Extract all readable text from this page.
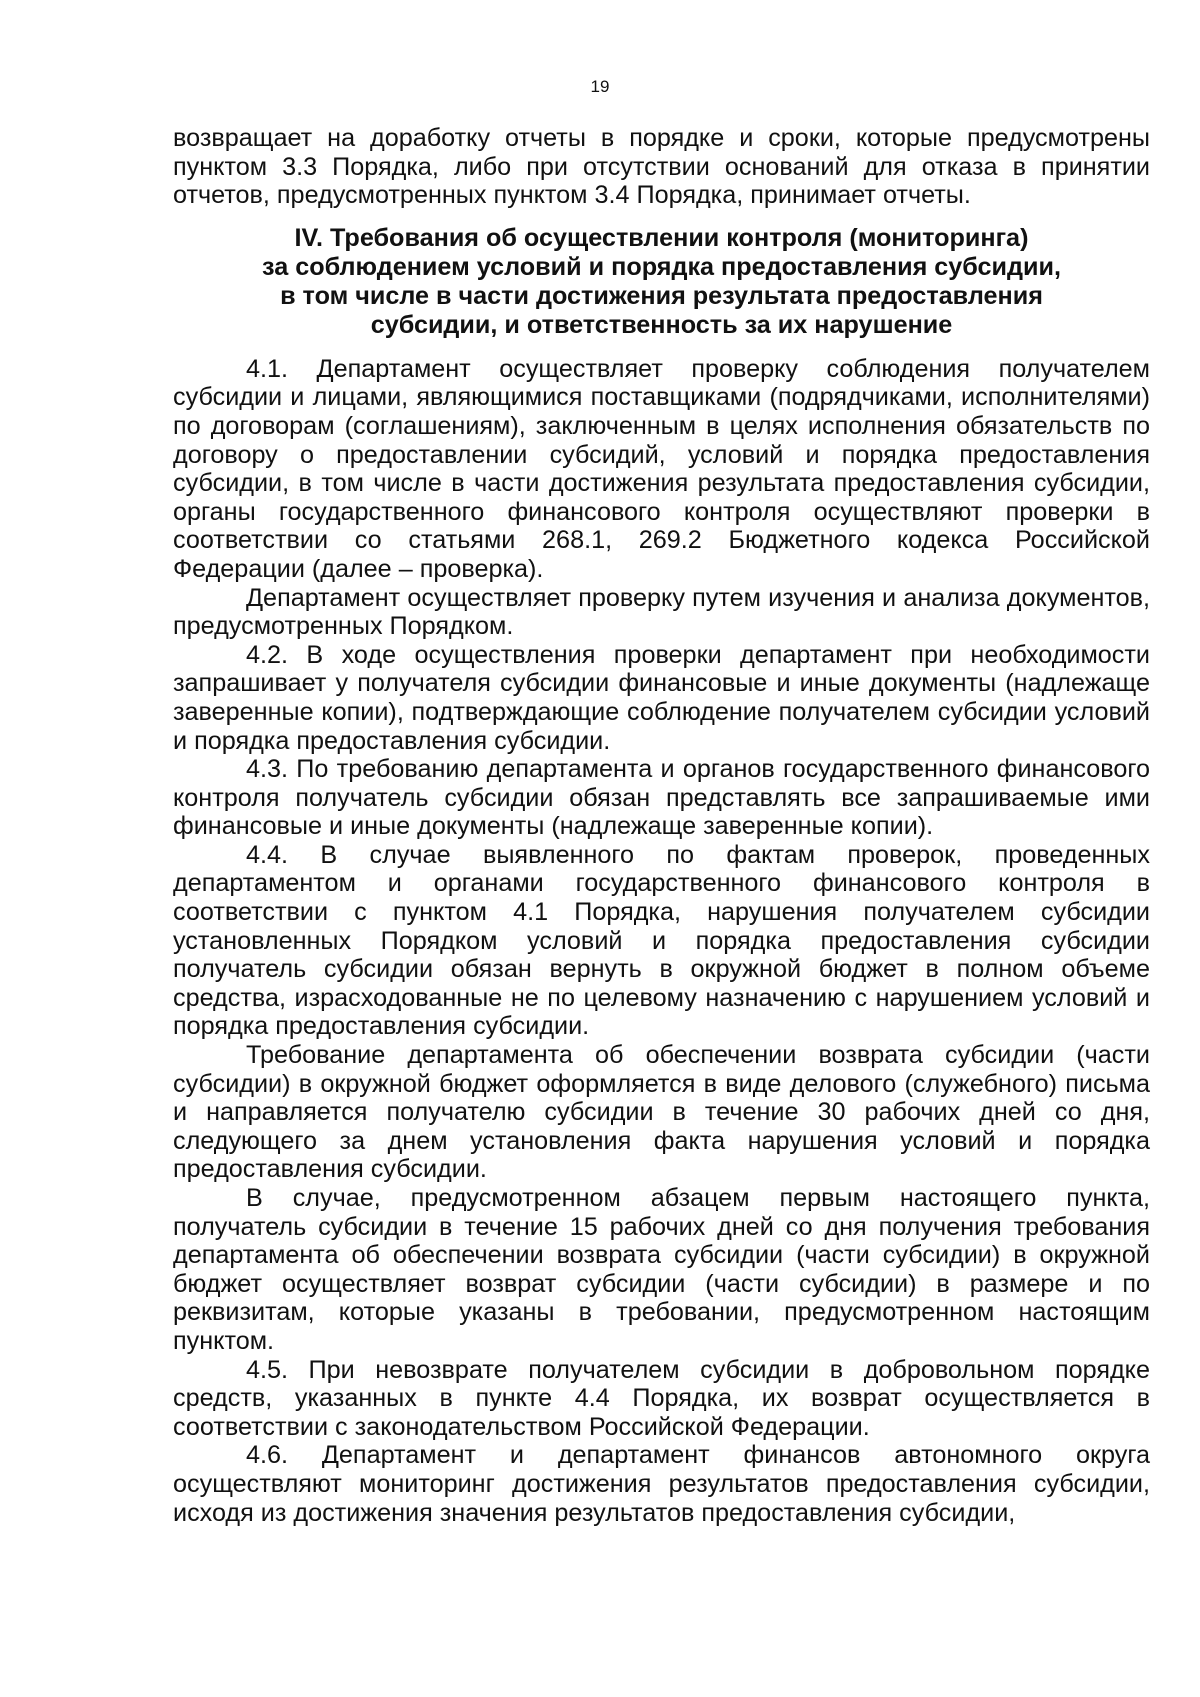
19

возвращает на доработку отчеты в порядке и сроки, которые предусмотрены пунктом 3.3 Порядка, либо при отсутствии оснований для отказа в принятии отчетов, предусмотренных пунктом 3.4 Порядка, принимает отчеты.

IV. Требования об осуществлении контроля (мониторинга)
за соблюдением условий и порядка предоставления субсидии,
в том числе в части достижения результата предоставления
субсидии, и ответственность за их нарушение

4.1. Департамент осуществляет проверку соблюдения получателем субсидии и лицами, являющимися поставщиками (подрядчиками, исполнителями) по договорам (соглашениям), заключенным в целях исполнения обязательств по договору о предоставлении субсидий, условий и порядка предоставления субсидии, в том числе в части достижения результата предоставления субсидии, органы государственного финансового контроля осуществляют проверки в соответствии со статьями 268.1, 269.2 Бюджетного кодекса Российской Федерации (далее – проверка).

Департамент осуществляет проверку путем изучения и анализа документов, предусмотренных Порядком.

4.2. В ходе осуществления проверки департамент при необходимости запрашивает у получателя субсидии финансовые и иные документы (надлежаще заверенные копии), подтверждающие соблюдение получателем субсидии условий и порядка предоставления субсидии.

4.3. По требованию департамента и органов государственного финансового контроля получатель субсидии обязан представлять все запрашиваемые ими финансовые и иные документы (надлежаще заверенные копии).

4.4. В случае выявленного по фактам проверок, проведенных департаментом и органами государственного финансового контроля в соответствии с пунктом 4.1 Порядка, нарушения получателем субсидии установленных Порядком условий и порядка предоставления субсидии получатель субсидии обязан вернуть в окружной бюджет в полном объеме средства, израсходованные не по целевому назначению с нарушением условий и порядка предоставления субсидии.

Требование департамента об обеспечении возврата субсидии (части субсидии) в окружной бюджет оформляется в виде делового (служебного) письма и направляется получателю субсидии в течение 30 рабочих дней со дня, следующего за днем установления факта нарушения условий и порядка предоставления субсидии.

В случае, предусмотренном абзацем первым настоящего пункта, получатель субсидии в течение 15 рабочих дней со дня получения требования департамента об обеспечении возврата субсидии (части субсидии) в окружной бюджет осуществляет возврат субсидии (части субсидии) в размере и по реквизитам, которые указаны в требовании, предусмотренном настоящим пунктом.

4.5. При невозврате получателем субсидии в добровольном порядке средств, указанных в пункте 4.4 Порядка, их возврат осуществляется в соответствии с законодательством Российской Федерации.

4.6. Департамент и департамент финансов автономного округа осуществляют мониторинг достижения результатов предоставления субсидии, исходя из достижения значения результатов предоставления субсидии,
